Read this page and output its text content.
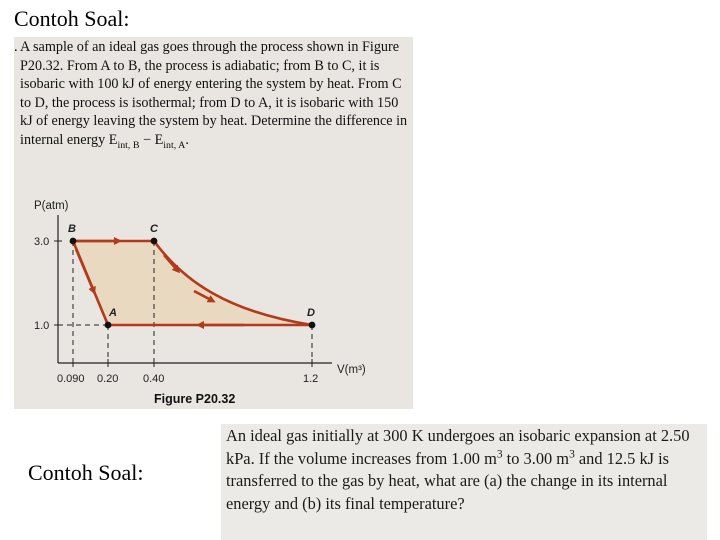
Contoh Soal:
. A sample of an ideal gas goes through the process shown in Figure P20.32. From A to B, the process is adiabatic; from B to C, it is isobaric with 100 kJ of energy entering the system by heat. From C to D, the process is isothermal; from D to A, it is isobaric with 150 kJ of energy leaving the system by heat. Determine the difference in internal energy $E_{int, B} - E_{int, A}$.

P(atm)
3.0
1.0
0.090 0.20 0.40	1.2
V(m³)
A
B	C
D
Figure P20.32
Contoh Soal:

An ideal gas initially at 300 K undergoes an isobaric expansion at 2.50 kPa. If the volume increases from 1.00 $m^3$ to 3.00 $m^3$ and 12.5 kJ is transferred to the gas by heat, what are (a) the change in its internal energy and (b) its final temperature?
